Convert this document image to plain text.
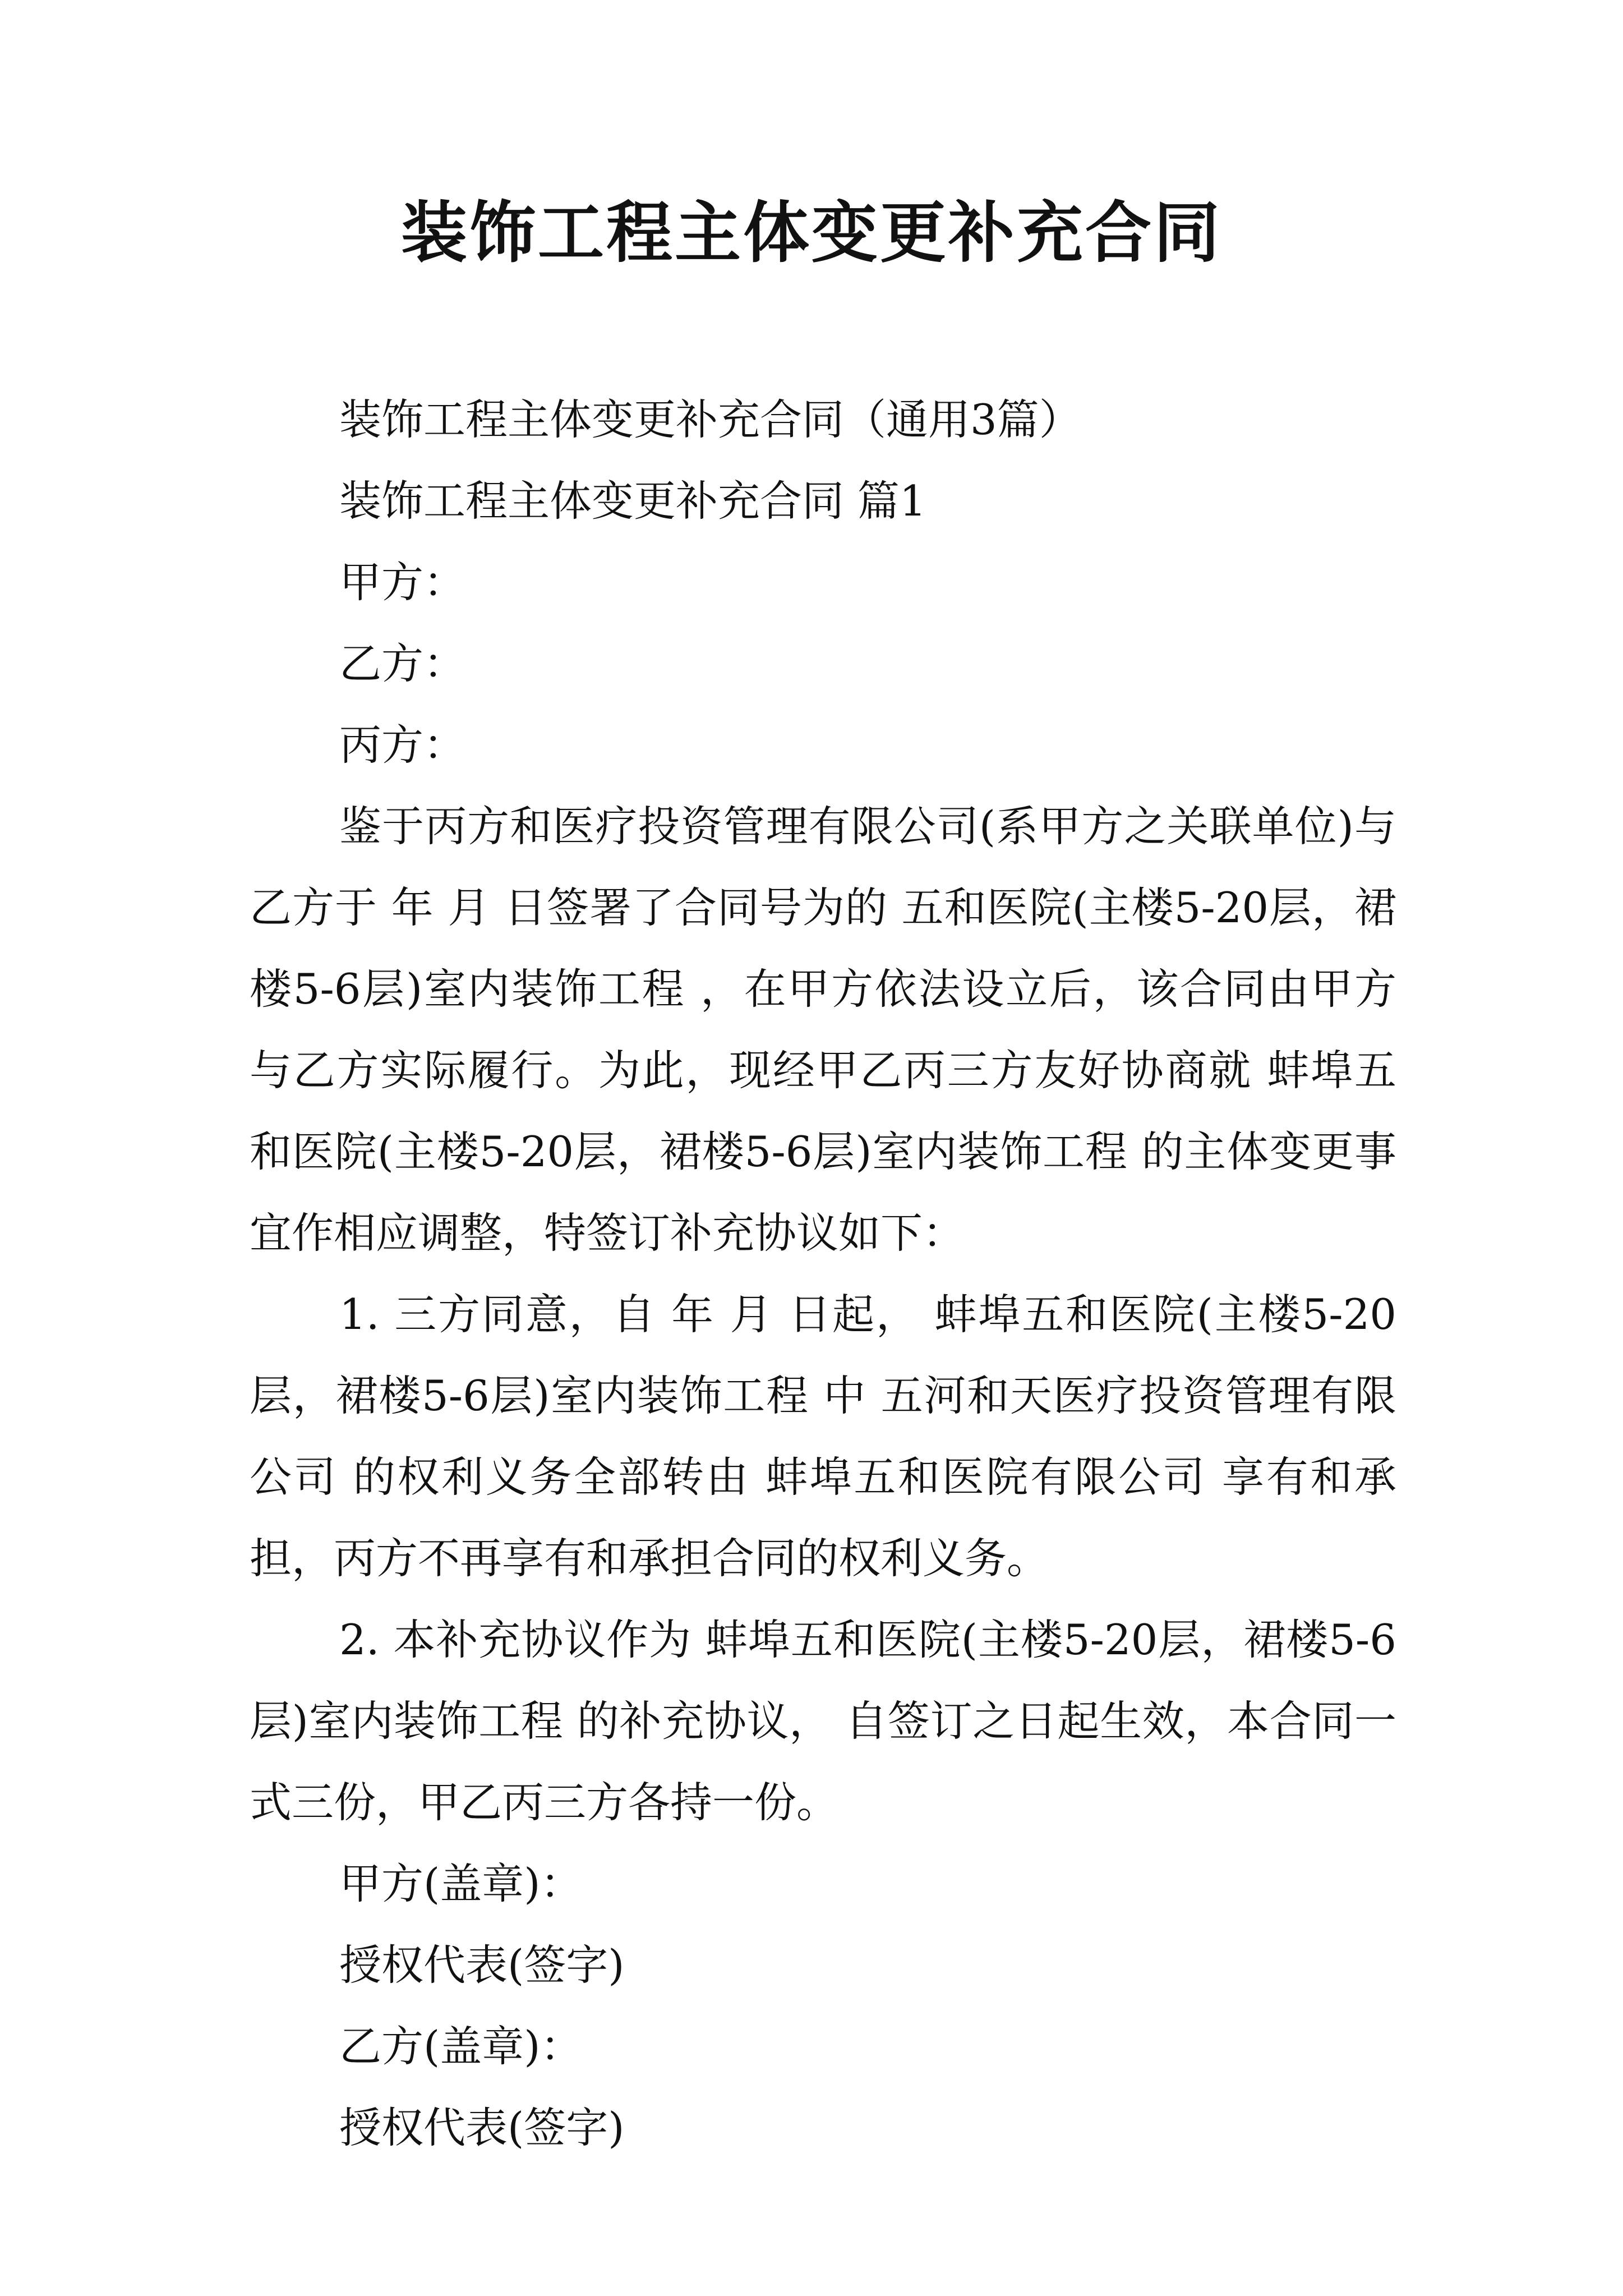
装饰工程主体变更补充合同
装饰工程主体变更补充合同（通用3篇）
装饰工程主体变更补充合同 篇1
甲方：
乙方：
丙方：

鉴于丙方和医疗投资管理有限公司(系甲方之关联单位)与乙方于 年 月 日签署了合同号为的 五和医院(主楼5-20层，裙楼5-6层)室内装饰工程 ，在甲方依法设立后，该合同由甲方与乙方实际履行。为此，现经甲乙丙三方友好协商就 蚌埠五和医院(主楼5-20层，裙楼5-6层)室内装饰工程 的主体变更事宜作相应调整，特签订补充协议如下：

1. 三方同意，自 年 月 日起， 蚌埠五和医院(主楼5-20层，裙楼5-6层)室内装饰工程 中 五河和天医疗投资管理有限公司 的权利义务全部转由 蚌埠五和医院有限公司 享有和承担，丙方不再享有和承担合同的权利义务。

2. 本补充协议作为 蚌埠五和医院(主楼5-20层，裙楼5-6层)室内装饰工程 的补充协议， 自签订之日起生效，本合同一式三份，甲乙丙三方各持一份。

甲方(盖章)：
授权代表(签字)
乙方(盖章)：
授权代表(签字)
